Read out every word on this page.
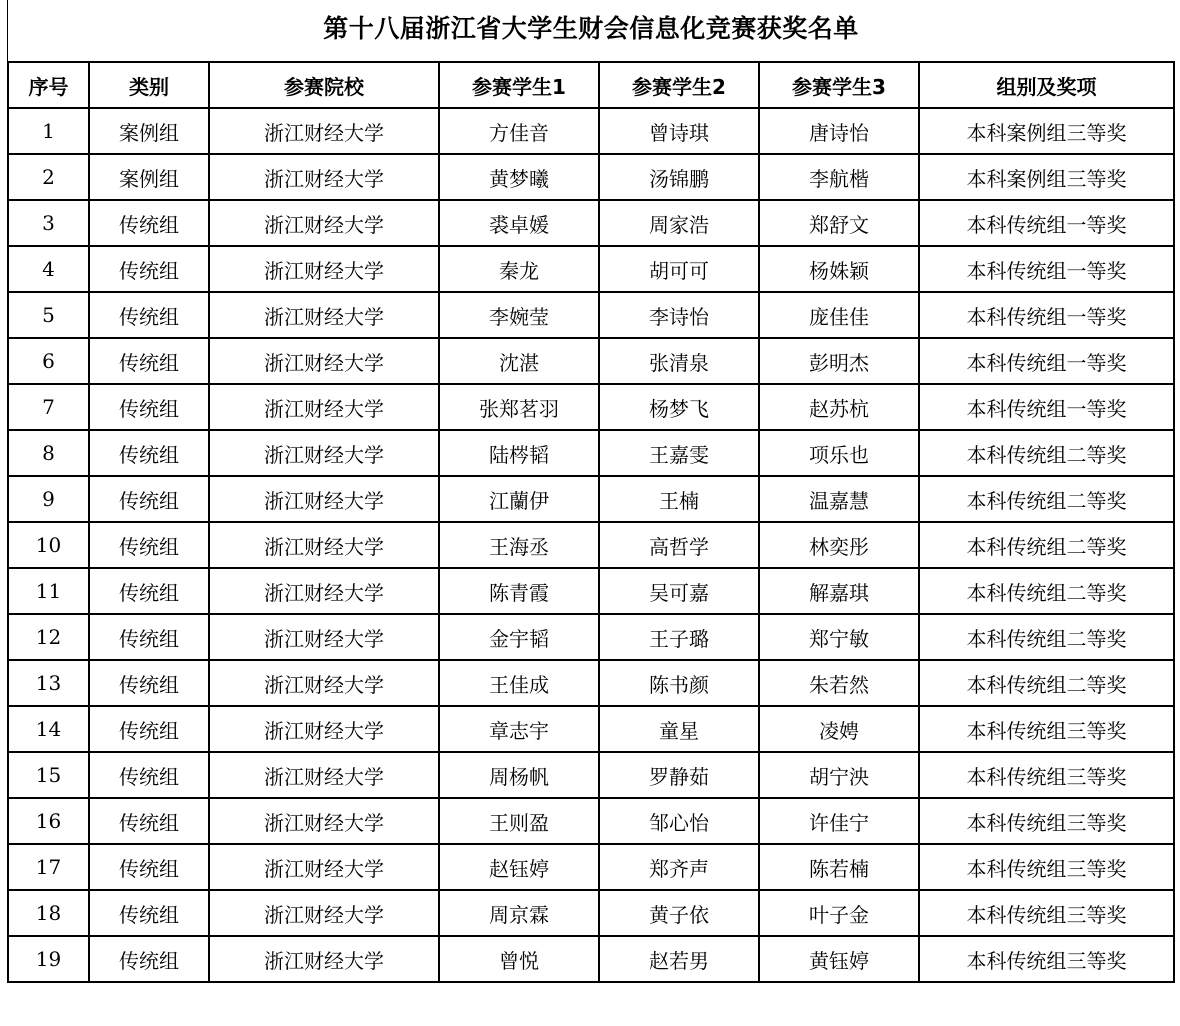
第十八届浙江省大学生财会信息化竞赛获奖名单
序号	类别	参赛院校	参赛学生1	参赛学生2	参赛学生3	组别及奖项
1	案例组	浙江财经大学	方佳音	曾诗琪	唐诗怡	本科案例组三等奖
2	案例组	浙江财经大学	黄梦曦	汤锦鹏	李航楷	本科案例组三等奖
3	传统组	浙江财经大学	裘卓媛	周家浩	郑舒文	本科传统组一等奖
4	传统组	浙江财经大学	秦龙	胡可可	杨姝颖	本科传统组一等奖
5	传统组	浙江财经大学	李婉莹	李诗怡	庞佳佳	本科传统组一等奖
6	传统组	浙江财经大学	沈湛	张清泉	彭明杰	本科传统组一等奖
7	传统组	浙江财经大学	张郑茗羽	杨梦飞	赵苏杭	本科传统组一等奖
8	传统组	浙江财经大学	陆梣韬	王嘉雯	项乐也	本科传统组二等奖
9	传统组	浙江财经大学	江蘭伊	王楠	温嘉慧	本科传统组二等奖
10	传统组	浙江财经大学	王海丞	高哲学	林奕彤	本科传统组二等奖
11	传统组	浙江财经大学	陈青霞	吴可嘉	解嘉琪	本科传统组二等奖
12	传统组	浙江财经大学	金宇韬	王子璐	郑宁敏	本科传统组二等奖
13	传统组	浙江财经大学	王佳成	陈书颜	朱若然	本科传统组二等奖
14	传统组	浙江财经大学	章志宇	童星	凌娉	本科传统组三等奖
15	传统组	浙江财经大学	周杨帆	罗静茹	胡宁泱	本科传统组三等奖
16	传统组	浙江财经大学	王则盈	邹心怡	许佳宁	本科传统组三等奖
17	传统组	浙江财经大学	赵钰婷	郑齐声	陈若楠	本科传统组三等奖
18	传统组	浙江财经大学	周京霖	黄子依	叶子金	本科传统组三等奖
19	传统组	浙江财经大学	曾悦	赵若男	黄钰婷	本科传统组三等奖
